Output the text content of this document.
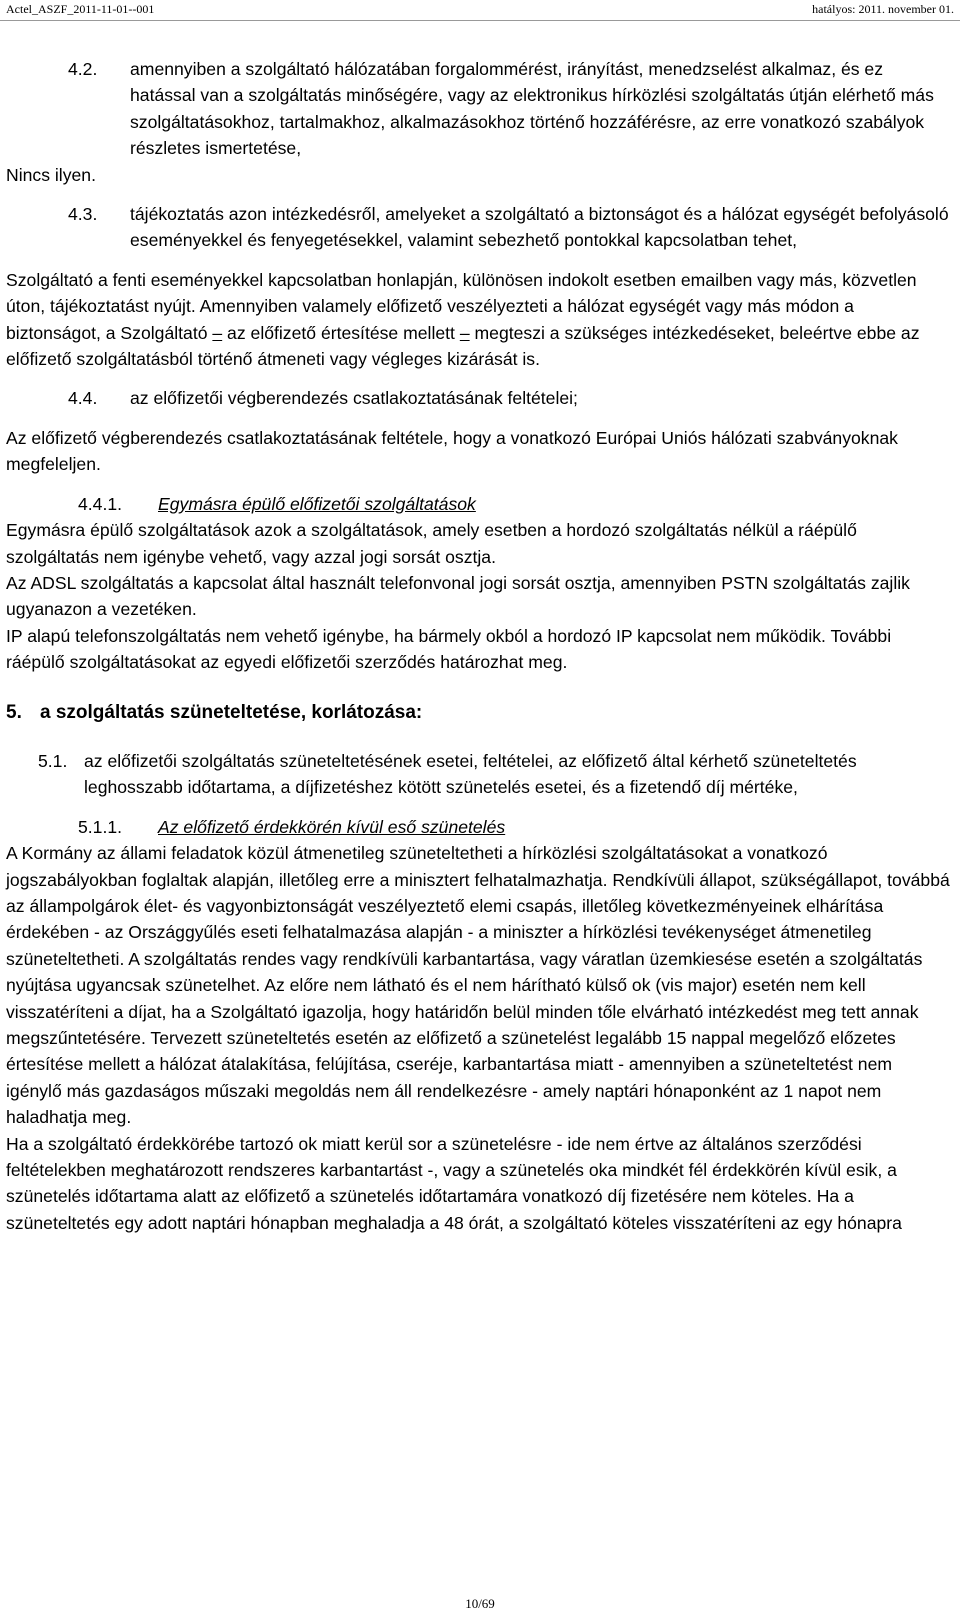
Actel_ASZF_2011-11-01--001	hatályos: 2011. november 01.
4.2.	amennyiben a szolgáltató hálózatában forgalommérést, irányítást, menedzselést alkalmaz, és ez hatással van a szolgáltatás minőségére, vagy az elektronikus hírközlési szolgáltatás útján elérhető más szolgáltatásokhoz, tartalmakhoz, alkalmazásokhoz történő hozzáférésre, az erre vonatkozó szabályok részletes ismertetése,

Nincs ilyen.

4.3.	tájékoztatás azon intézkedésről, amelyeket a szolgáltató a biztonságot és a hálózat egységét befolyásoló eseményekkel és fenyegetésekkel, valamint sebezhető pontokkal kapcsolatban tehet,

Szolgáltató a fenti eseményekkel kapcsolatban honlapján, különösen indokolt esetben emailben vagy más, közvetlen úton, tájékoztatást nyújt. Amennyiben valamely előfizető veszélyezteti a hálózat egységét vagy más módon a biztonságot, a Szolgáltató – az előfizető értesítése mellett – megteszi a szükséges intézkedéseket, beleértve ebbe az előfizető szolgáltatásból történő átmeneti vagy végleges kizárását is.

4.4.	az előfizetői végberendezés csatlakoztatásának feltételei;

Az előfizető végberendezés csatlakoztatásának feltétele, hogy a vonatkozó Európai Uniós hálózati szabványoknak megfeleljen.

4.4.1.	Egymásra épülő előfizetői szolgáltatások

Egymásra épülő szolgáltatások azok a szolgáltatások, amely esetben a hordozó szolgáltatás nélkül a ráépülő szolgáltatás nem igénybe vehető, vagy azzal jogi sorsát osztja.

Az ADSL szolgáltatás a kapcsolat által használt telefonvonal jogi sorsát osztja, amennyiben PSTN szolgáltatás zajlik ugyanazon a vezetéken.

IP alapú telefonszolgáltatás nem vehető igénybe, ha bármely okból a hordozó IP kapcsolat nem működik. További ráépülő szolgáltatásokat az egyedi előfizetői szerződés határozhat meg.

5. a szolgáltatás szüneteltetése, korlátozása:
5.1. az előfizetői szolgáltatás szüneteltetésének esetei, feltételei, az előfizető által kérhető szüneteltetés leghosszabb időtartama, a díjfizetéshez kötött szünetelés esetei, és a fizetendő díj mértéke,
5.1.1.	Az előfizető érdekkörén kívül eső szünetelés

A Kormány az állami feladatok közül átmenetileg szüneteltetheti a hírközlési szolgáltatásokat a vonatkozó jogszabályokban foglaltak alapján, illetőleg erre a minisztert felhatalmazhatja. Rendkívüli állapot, szükségállapot, továbbá az állampolgárok élet- és vagyonbiztonságát veszélyeztető elemi csapás, illetőleg következményeinek elhárítása érdekében - az Országgyűlés eseti felhatalmazása alapján - a miniszter a hírközlési tevékenységet átmenetileg szüneteltetheti. A szolgáltatás rendes vagy rendkívüli karbantartása, vagy váratlan üzemkiesése esetén a szolgáltatás nyújtása ugyancsak szünetelhet. Az előre nem látható és el nem hárítható külső ok (vis major) esetén nem kell visszatéríteni a díjat, ha a Szolgáltató igazolja, hogy határidőn belül minden tőle elvárható intézkedést meg tett annak megszűntetésére. Tervezett szüneteltetés esetén az előfizető a szünetelést legalább 15 nappal megelőző előzetes értesítése mellett a hálózat átalakítása, felújítása, cseréje, karbantartása miatt - amennyiben a szüneteltetést nem igénylő más gazdaságos műszaki megoldás nem áll rendelkezésre - amely naptári hónaponként az 1 napot nem haladhatja meg.

Ha a szolgáltató érdekkörébe tartozó ok miatt kerül sor a szünetelésre - ide nem értve az általános szerződési feltételekben meghatározott rendszeres karbantartást -, vagy a szünetelés oka mindkét fél érdekkörén kívül esik, a szünetelés időtartama alatt az előfizető a szünetelés időtartamára vonatkozó díj fizetésére nem köteles. Ha a szüneteltetés egy adott naptári hónapban meghaladja a 48 órát, a szolgáltató köteles visszatéríteni az egy hónapra

10/69
